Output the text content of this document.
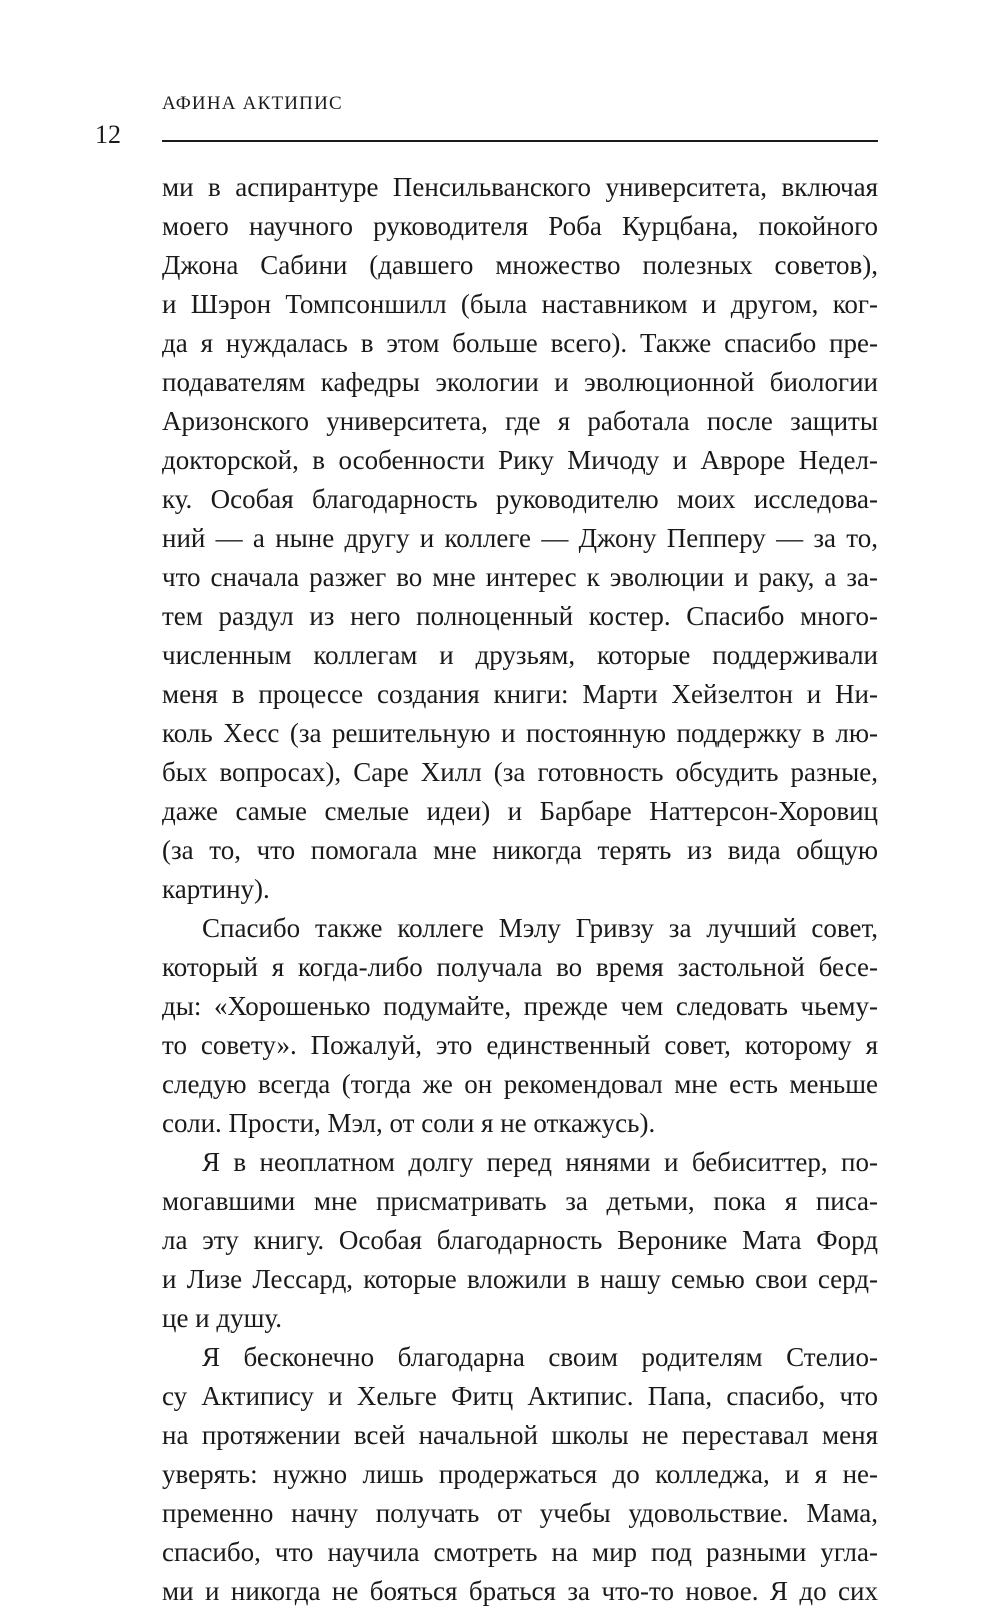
АФИНА АКТИПИС
12
ми в аспирантуре Пенсильванского университета, включая
моего научного руководителя Роба Курцбана, покойного
Джона Сабини (давшего множество полезных советов),
и Шэрон Томпсоншилл (была наставником и другом, ког-
да я нуждалась в этом больше всего). Также спасибо пре-
подавателям кафедры экологии и эволюционной биологии
Аризонского университета, где я работала после защиты
докторской, в особенности Рику Мичоду и Авроре Недел-
ку. Особая благодарность руководителю моих исследова-
ний — а ныне другу и коллеге — Джону Пепперу — за то,
что сначала разжег во мне интерес к эволюции и раку, а за-
тем раздул из него полноценный костер. Спасибо много-
численным коллегам и друзьям, которые поддерживали
меня в процессе создания книги: Марти Хейзелтон и Ни-
коль Хесс (за решительную и постоянную поддержку в лю-
бых вопросах), Саре Хилл (за готовность обсудить разные,
даже самые смелые идеи) и Барбаре Наттерсон-Хоровиц
(за то, что помогала мне никогда терять из вида общую
картину).
Спасибо также коллеге Мэлу Гривзу за лучший совет,
который я когда-либо получала во время застольной бесе-
ды: «Хорошенько подумайте, прежде чем следовать чьему-
то совету». Пожалуй, это единственный совет, которому я
следую всегда (тогда же он рекомендовал мне есть меньше
соли. Прости, Мэл, от соли я не откажусь).
Я в неоплатном долгу перед нянями и бебиситтер, по-
могавшими мне присматривать за детьми, пока я писа-
ла эту книгу. Особая благодарность Веронике Мата Форд
и Лизе Лессард, которые вложили в нашу семью свои серд-
це и душу.
Я бесконечно благодарна своим родителям Стелио-
су Актипису и Хельге Фитц Актипис. Папа, спасибо, что
на протяжении всей начальной школы не переставал меня
уверять: нужно лишь продержаться до колледжа, и я не-
пременно начну получать от учебы удовольствие. Мама,
спасибо, что научила смотреть на мир под разными угла-
ми и никогда не бояться браться за что-то новое. Я до сих
